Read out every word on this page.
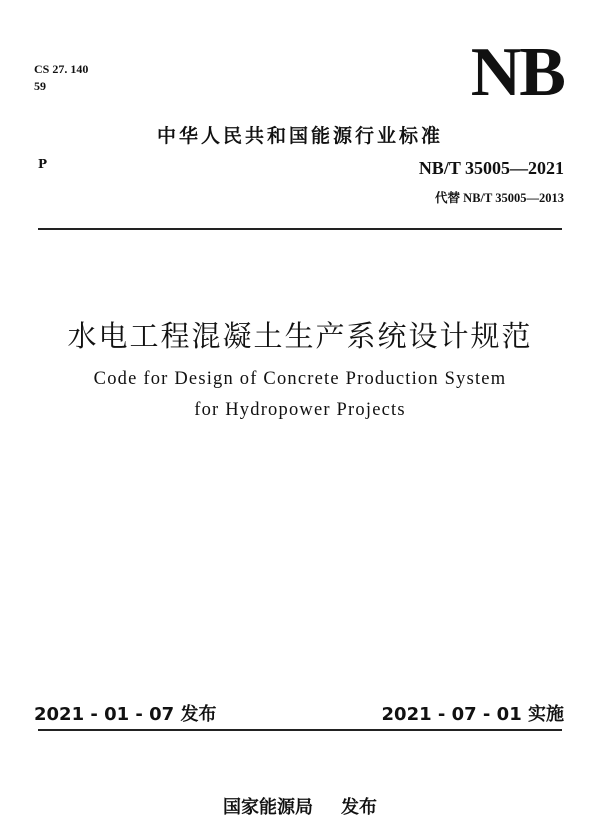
CS 27. 140
59	NB
中华人民共和国能源行业标准
P	NB/T 35005—2021
代替 NB/T 35005—2013
水电工程混凝土生产系统设计规范
Code for Design of Concrete Production System
for Hydropower Projects
2021 - 01 - 07 发布	2021 - 07 - 01 实施
国家能源局 发布
